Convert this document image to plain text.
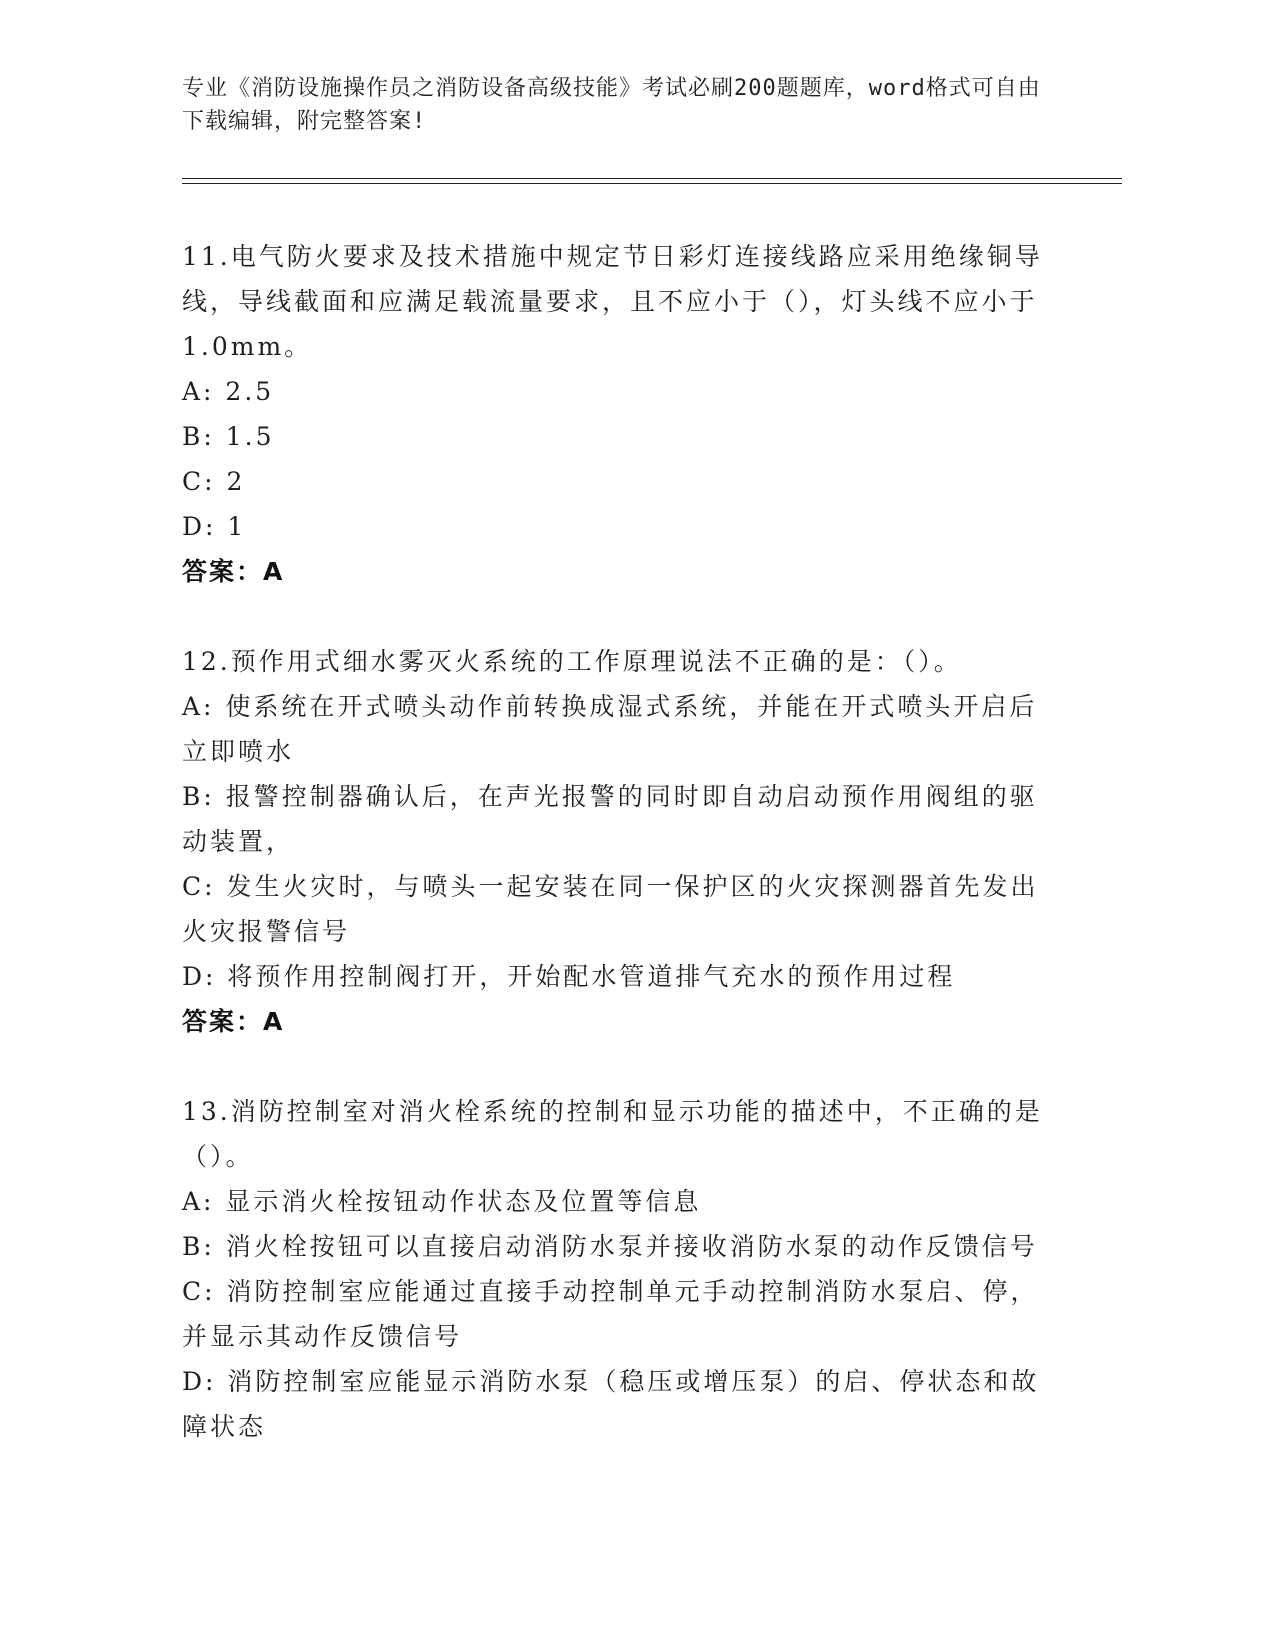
专业《消防设施操作员之消防设备高级技能》考试必刷200题题库，word格式可自由下载编辑，附完整答案!

11.电气防火要求及技术措施中规定节日彩灯连接线路应采用绝缘铜导线，导线截面和应满足载流量要求，且不应小于（），灯头线不应小于1.0mm。

A: 2.5

B: 1.5

C: 2

D: 1

答案：A

12.预作用式细水雾灭火系统的工作原理说法不正确的是：（）。

A: 使系统在开式喷头动作前转换成湿式系统，并能在开式喷头开启后立即喷水

B: 报警控制器确认后，在声光报警的同时即自动启动预作用阀组的驱动装置，

C: 发生火灾时，与喷头一起安装在同一保护区的火灾探测器首先发出火灾报警信号

D: 将预作用控制阀打开，开始配水管道排气充水的预作用过程

答案：A

13.消防控制室对消火栓系统的控制和显示功能的描述中，不正确的是（）。

A: 显示消火栓按钮动作状态及位置等信息

B: 消火栓按钮可以直接启动消防水泵并接收消防水泵的动作反馈信号

C: 消防控制室应能通过直接手动控制单元手动控制消防水泵启、停，并显示其动作反馈信号

D: 消防控制室应能显示消防水泵（稳压或增压泵）的启、停状态和故障状态
